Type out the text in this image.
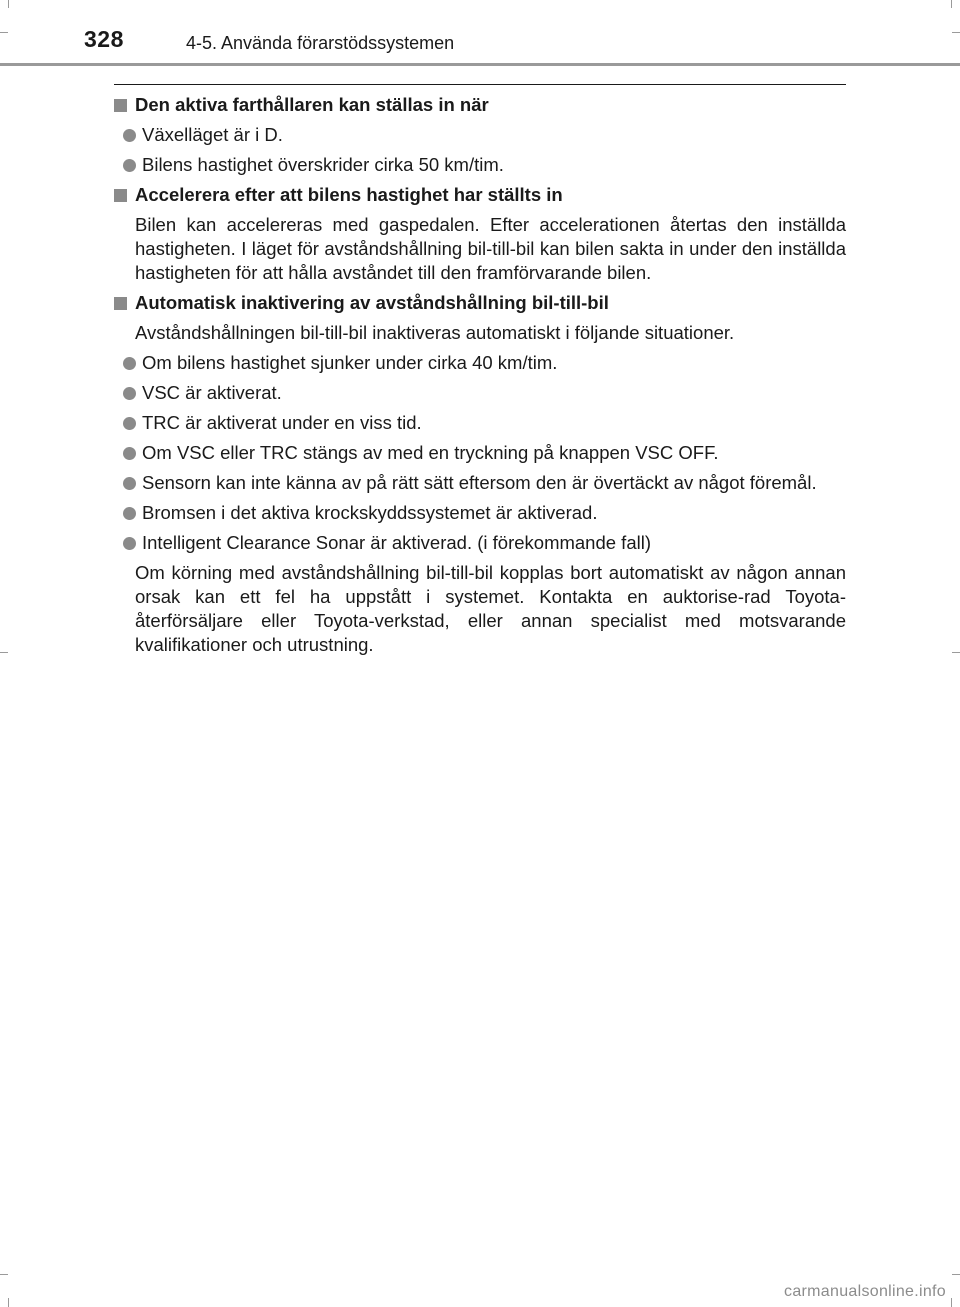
328	4-5. Använda förarstödssystemen
Den aktiva farthållaren kan ställas in när
Växelläget är i D.
Bilens hastighet överskrider cirka 50 km/tim.
Accelerera efter att bilens hastighet har ställts in
Bilen kan accelereras med gaspedalen. Efter accelerationen återtas den inställda hastigheten. I läget för avståndshållning bil-till-bil kan bilen sakta in under den inställda hastigheten för att hålla avståndet till den framförvarande bilen.
Automatisk inaktivering av avståndshållning bil-till-bil
Avståndshållningen bil-till-bil inaktiveras automatiskt i följande situationer.
Om bilens hastighet sjunker under cirka 40 km/tim.
VSC är aktiverat.
TRC är aktiverat under en viss tid.
Om VSC eller TRC stängs av med en tryckning på knappen VSC OFF.
Sensorn kan inte känna av på rätt sätt eftersom den är övertäckt av något föremål.
Bromsen i det aktiva krockskyddssystemet är aktiverad.
Intelligent Clearance Sonar är aktiverad. (i förekommande fall)
Om körning med avståndshållning bil-till-bil kopplas bort automatiskt av någon annan orsak kan ett fel ha uppstått i systemet. Kontakta en auktorise-rad Toyota-återförsäljare eller Toyota-verkstad, eller annan specialist med motsvarande kvalifikationer och utrustning.
carmanualsonline.info
